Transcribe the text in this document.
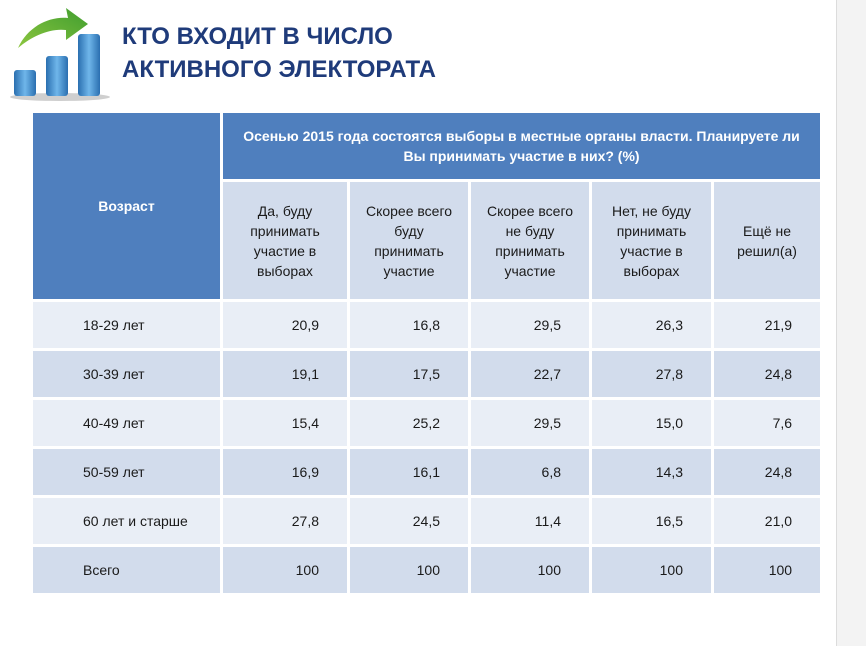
КТО ВХОДИТ В ЧИСЛО
АКТИВНОГО ЭЛЕКТОРАТА
Возраст	Осенью 2015 года состоятся выборы в местные органы власти. Планируете ли Вы принимать участие в них? (%)				
	Да, буду принимать участие в выборах	Скорее всего буду принимать участие	Скорее всего не буду принимать участие	Нет, не буду принимать участие в выборах	Ещё не решил(а)
18-29 лет	20,9	16,8	29,5	26,3	21,9
30-39 лет	19,1	17,5	22,7	27,8	24,8
40-49 лет	15,4	25,2	29,5	15,0	7,6
50-59 лет	16,9	16,1	6,8	14,3	24,8
60 лет и старше	27,8	24,5	11,4	16,5	21,0
Всего	100	100	100	100	100
